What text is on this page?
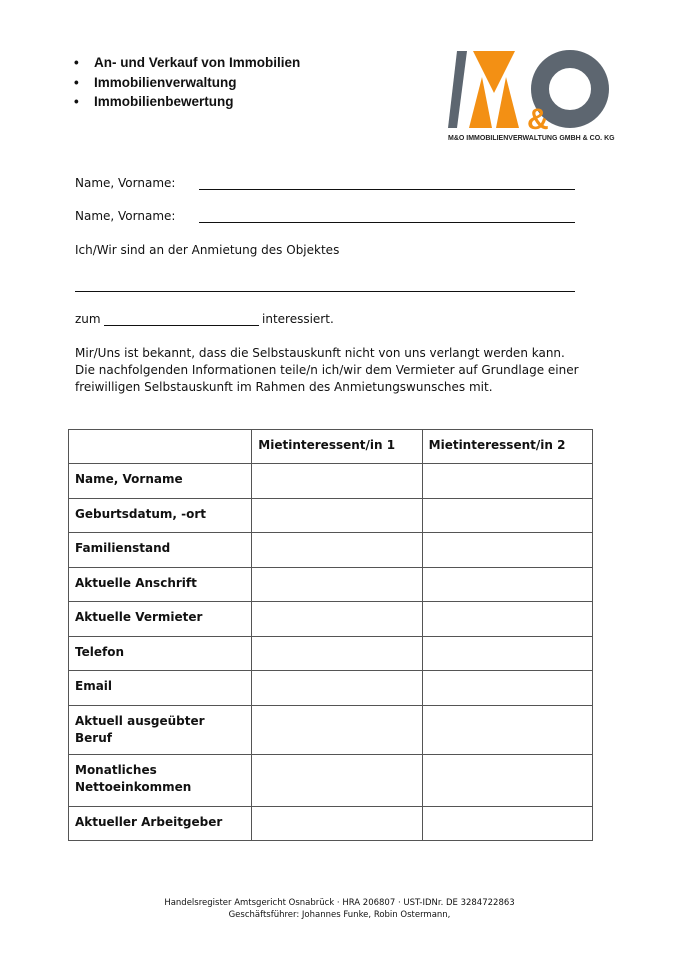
• An- und Verkauf von Immobilien
• Immobilienverwaltung
• Immobilienbewertung
&
M&O IMMOBILIENVERWALTUNG GMBH & CO. KG
Name, Vorname:
Name, Vorname:
Ich/Wir sind an der Anmietung des Objektes
zum	interessiert.
Mir/Uns ist bekannt, dass die Selbstauskunft nicht von uns verlangt werden kann.
Die nachfolgenden Informationen teile/n ich/wir dem Vermieter auf Grundlage einer
freiwilligen Selbstauskunft im Rahmen des Anmietungswunsches mit.
	Mietinteressent/in 1	Mietinteressent/in 2
Name, Vorname		
Geburtsdatum, -ort		
Familienstand		
Aktuelle Anschrift		
Aktuelle Vermieter		
Telefon		
Email		
Aktuell ausgeübter Beruf		
Monatliches Nettoeinkommen		
Aktueller Arbeitgeber		
Handelsregister Amtsgericht Osnabrück · HRA 206807 · UST-IDNr. DE 3284722863
Geschäftsführer: Johannes Funke, Robin Ostermann,
